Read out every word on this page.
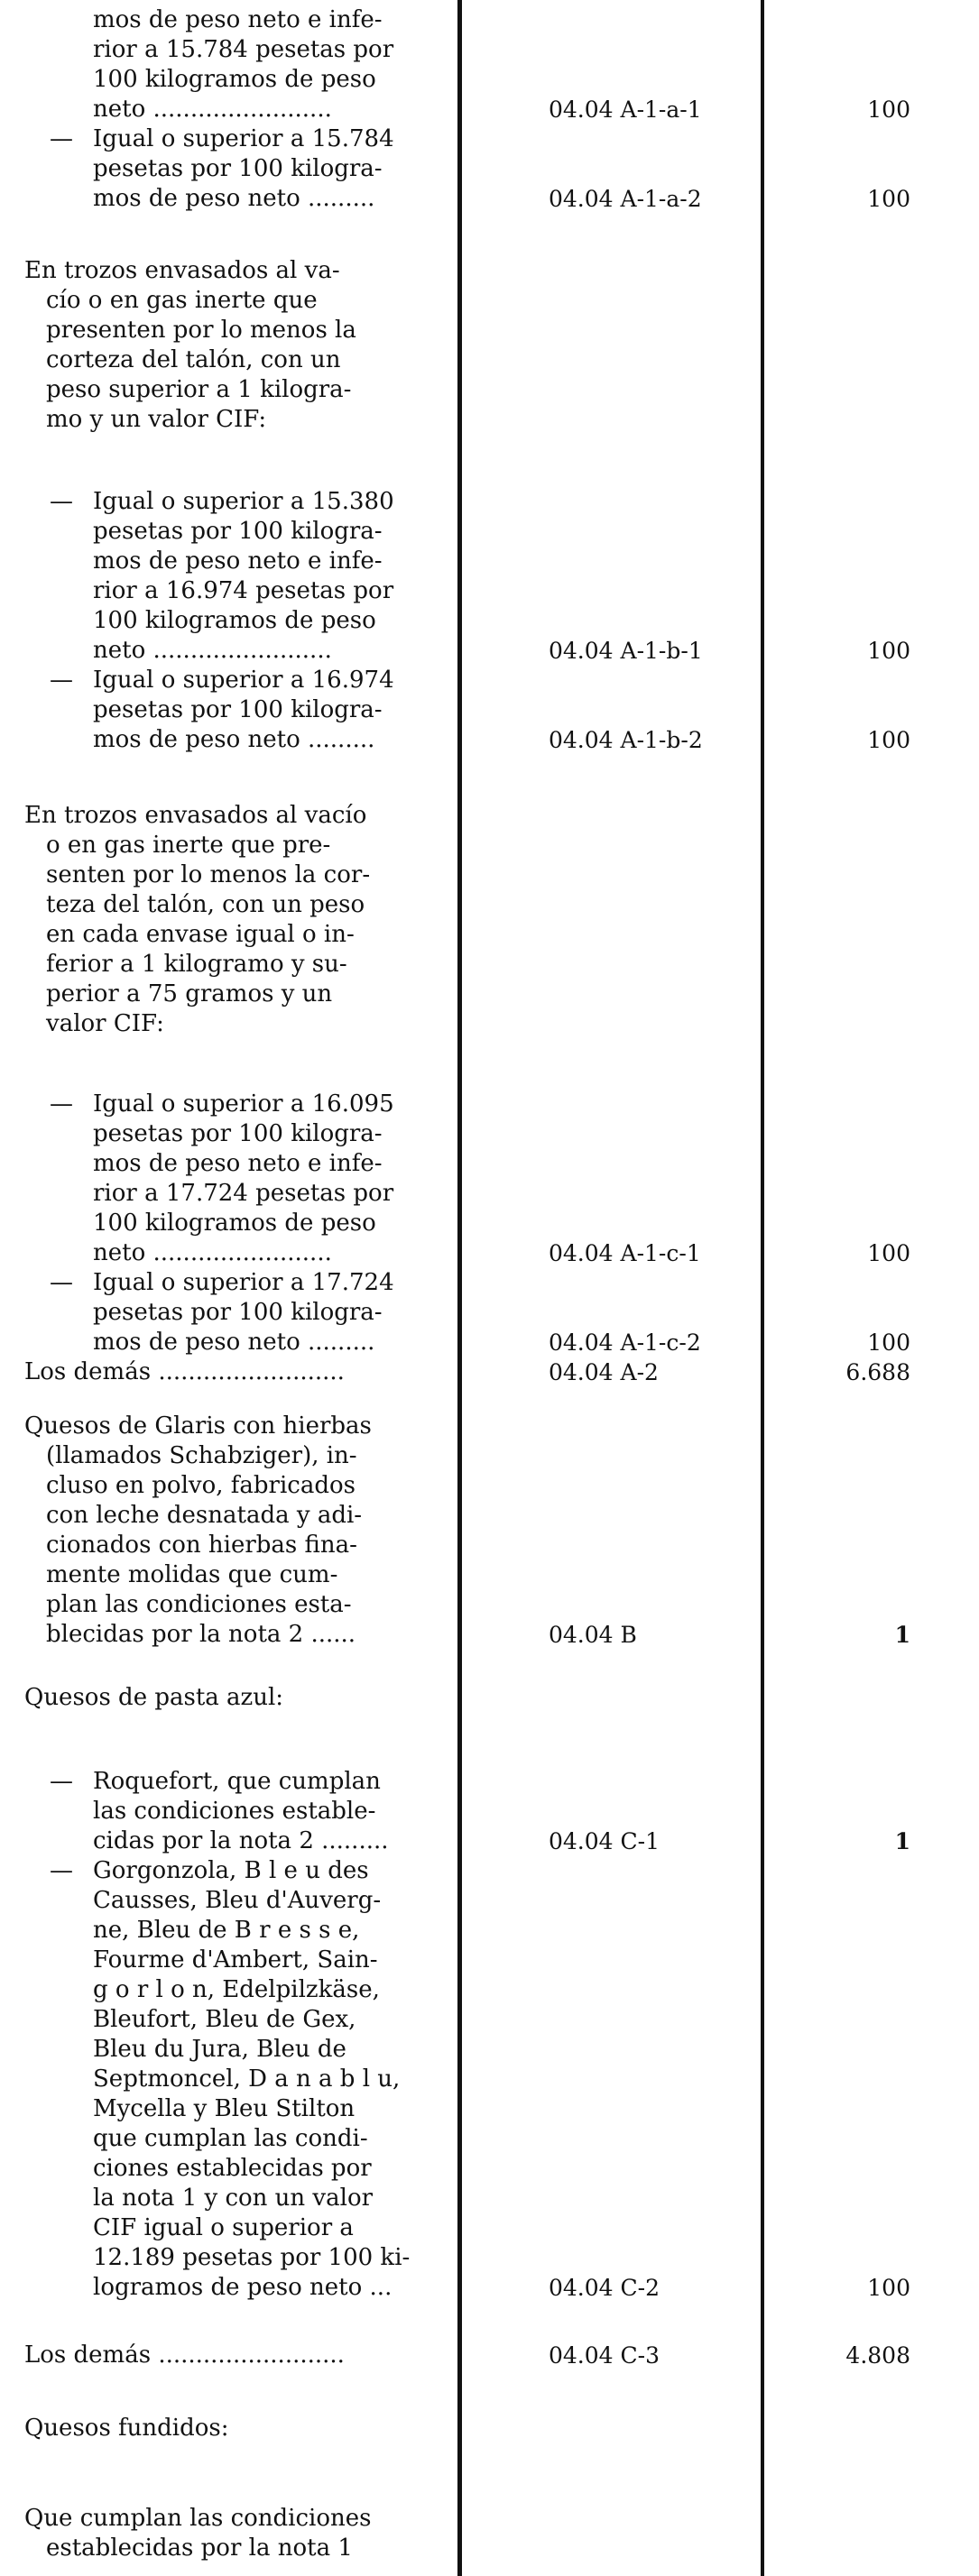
mos de peso neto e infe-
rior a 15.784 pesetas por
100 kilogramos de peso
neto ........................	04.04 A-1-a-1	100
— Igual o superior a 15.784
pesetas por 100 kilogra-
mos de peso neto .........	04.04 A-1-a-2	100
En trozos envasados al va-
cío o en gas inerte que
presenten por lo menos la
corteza del talón, con un
peso superior a 1 kilogra-
mo y un valor CIF:
— Igual o superior a 15.380
pesetas por 100 kilogra-
mos de peso neto e infe-
rior a 16.974 pesetas por
100 kilogramos de peso
neto ........................	04.04 A-1-b-1	100
— Igual o superior a 16.974
pesetas por 100 kilogra-
mos de peso neto .........	04.04 A-1-b-2	100
En trozos envasados al vacío
o en gas inerte que pre-
senten por lo menos la cor-
teza del talón, con un peso
en cada envase igual o in-
ferior a 1 kilogramo y su-
perior a 75 gramos y un
valor CIF:
— Igual o superior a 16.095
pesetas por 100 kilogra-
mos de peso neto e infe-
rior a 17.724 pesetas por
100 kilogramos de peso
neto ........................	04.04 A-1-c-1	100
— Igual o superior a 17.724
pesetas por 100 kilogra-
mos de peso neto .........	04.04 A-1-c-2	100
Los demás .........................	04.04 A-2	6.688
Quesos de Glaris con hierbas
(llamados Schabziger), in-
cluso en polvo, fabricados
con leche desnatada y adi-
cionados con hierbas fina-
mente molidas que cum-
plan las condiciones esta-
blecidas por la nota 2 ......	04.04 B	1
Quesos de pasta azul:
— Roquefort, que cumplan
las condiciones estable-
cidas por la nota 2 .........	04.04 C-1	1
— Gorgonzola, B l e u des
Causses, Bleu d'Auverg-
ne, Bleu de B r e s s e,
Fourme d'Ambert, Sain-
g o r l o n, Edelpilzkäse,
Bleufort, Bleu de Gex,
Bleu du Jura, Bleu de
Septmoncel, D a n a b l u,
Mycella y Bleu Stilton
que cumplan las condi-
ciones establecidas por
la nota 1 y con un valor
CIF igual o superior a
12.189 pesetas por 100 ki-
logramos de peso neto ...	04.04 C-2	100
Los demás .........................	04.04 C-3	4.808
Quesos fundidos:
Que cumplan las condiciones
establecidas por la nota 1
